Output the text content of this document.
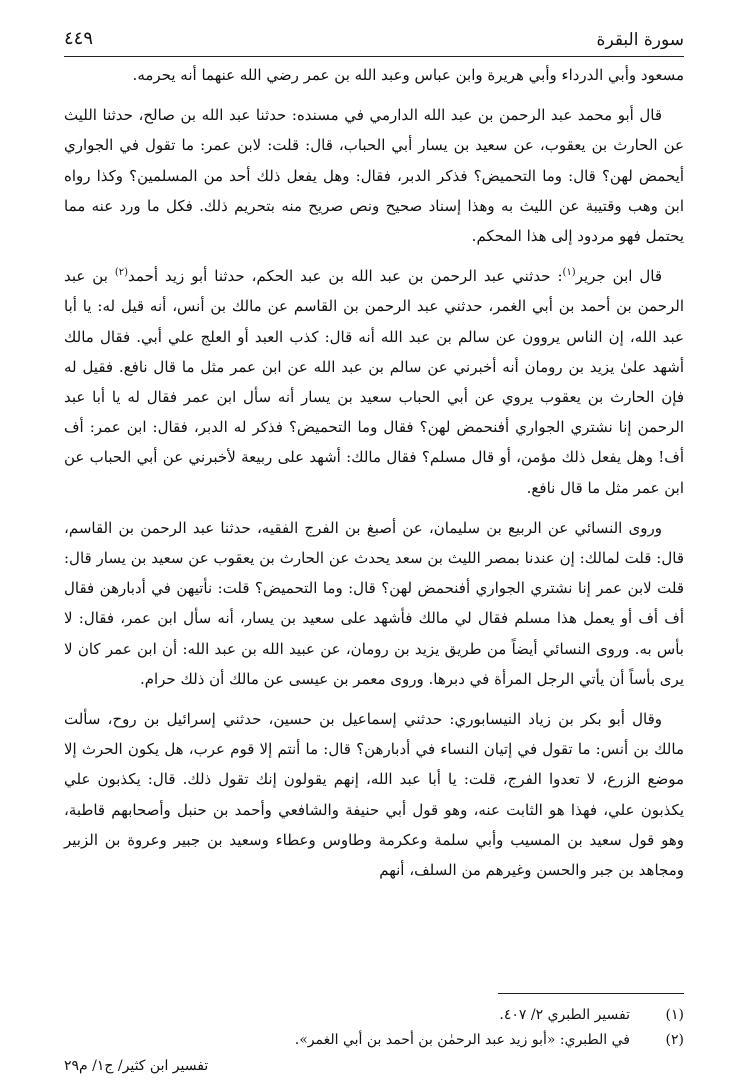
سورة البقرة
٤٤٩

مسعود وأبي الدرداء وأبي هريرة وابن عباس وعبد الله بن عمر رضي الله عنهما أنه يحرمه.

قال أبو محمد عبد الرحمن بن عبد الله الدارمي في مسنده: حدثنا عبد الله بن صالح، حدثنا الليث عن الحارث بن يعقوب، عن سعيد بن يسار أبي الحباب، قال: قلت: لابن عمر: ما تقول في الجواري أيحمض لهن؟ قال: وما التحميض؟ فذكر الدبر، فقال: وهل يفعل ذلك أحد من المسلمين؟ وكذا رواه ابن وهب وقتيبة عن الليث به وهذا إسناد صحيح ونص صريح منه بتحريم ذلك. فكل ما ورد عنه مما يحتمل فهو مردود إلى هذا المحكم.

قال ابن جرير$^{(١)}$: حدثني عبد الرحمن بن عبد الله بن عبد الحكم، حدثنا أبو زيد أحمد$^{(٢)}$ بن عبد الرحمن بن أحمد بن أبي الغمر، حدثني عبد الرحمن بن القاسم عن مالك بن أنس، أنه قيل له: يا أبا عبد الله، إن الناس يروون عن سالم بن عبد الله أنه قال: كذب العبد أو العلج علي أبي. فقال مالك أشهد علىٰ يزيد بن رومان أنه أخبرني عن سالم بن عبد الله عن ابن عمر مثل ما قال نافع. فقيل له فإن الحارث بن يعقوب يروي عن أبي الحباب سعيد بن يسار أنه سأل ابن عمر فقال له يا أبا عبد الرحمن إنا نشتري الجواري أفنحمض لهن؟ فقال وما التحميض؟ فذكر له الدبر، فقال: ابن عمر: أف أف! وهل يفعل ذلك مؤمن، أو قال مسلم؟ فقال مالك: أشهد على ربيعة لأخبرني عن أبي الحباب عن ابن عمر مثل ما قال نافع.

وروى النسائي عن الربيع بن سليمان، عن أصبغ بن الفرج الفقيه، حدثنا عبد الرحمن بن القاسم، قال: قلت لمالك: إن عندنا بمصر الليث بن سعد يحدث عن الحارث بن يعقوب عن سعيد بن يسار قال: قلت لابن عمر إنا نشتري الجواري أفنحمض لهن؟ قال: وما التحميض؟ قلت: نأتيهن في أدبارهن فقال أف أف أو يعمل هذا مسلم فقال لي مالك فأشهد على سعيد بن يسار، أنه سأل ابن عمر، فقال: لا بأس به. وروى النسائي أيضاً من طريق يزيد بن رومان، عن عبيد الله بن عبد الله: أن ابن عمر كان لا يرى بأساً أن يأتي الرجل المرأة في دبرها. وروى معمر بن عيسى عن مالك أن ذلك حرام.

وقال أبو بكر بن زياد النيسابوري: حدثني إسماعيل بن حسين، حدثني إسرائيل بن روح، سألت مالك بن أنس: ما تقول في إتيان النساء في أدبارهن؟ قال: ما أنتم إلا قوم عرب، هل يكون الحرث إلا موضع الزرع، لا تعدوا الفرج، قلت: يا أبا عبد الله، إنهم يقولون إنك تقول ذلك. قال: يكذبون علي يكذبون علي، فهذا هو الثابت عنه، وهو قول أبي حنيفة والشافعي وأحمد بن حنبل وأصحابهم قاطبة، وهو قول سعيد بن المسيب وأبي سلمة وعكرمة وطاوس وعطاء وسعيد بن جبير وعروة بن الزبير ومجاهد بن جبر والحسن وغيرهم من السلف، أنهم

(١)
تفسير الطبري ٢/ ٤٠٧.
(٢)
في الطبري: «أبو زيد عبد الرحمٰن بن أحمد بن أبي الغمر».
تفسير ابن كثير/ ج١/ م٢٩
